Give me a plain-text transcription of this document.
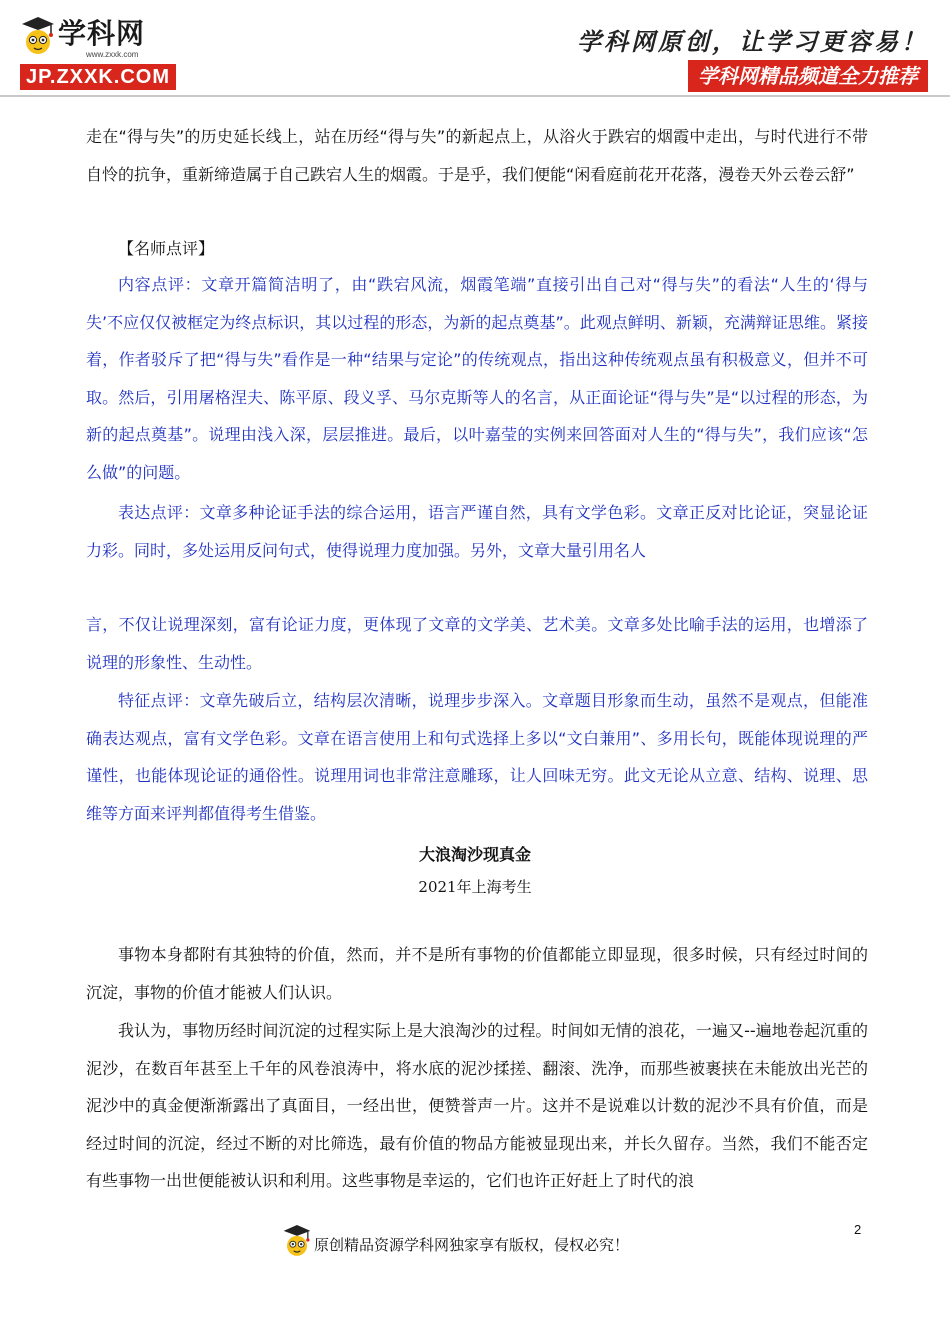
学科网
www.zxxk.com
JP.ZXXK.COM
学科网原创，让学习更容易！
学科网精品频道全力推荐

走在“得与失”的历史延长线上，站在历经“得与失”的新起点上，从浴火于跌宕的烟霞中走出，与时代进行不带自怜的抗争，重新缔造属于自己跌宕人生的烟霞。于是乎，我们便能“闲看庭前花开花落，漫卷天外云卷云舒”

【名师点评】

内容点评：文章开篇简洁明了，由“跌宕风流，烟霞笔端”直接引出自己对“得与失”的看法“人生的‘得与失’不应仅仅被框定为终点标识，其以过程的形态，为新的起点奠基”。此观点鲜明、新颖，充满辩证思维。紧接着，作者驳斥了把“得与失”看作是一种“结果与定论”的传统观点，指出这种传统观点虽有积极意义，但并不可取。然后，引用屠格涅夫、陈平原、段义孚、马尔克斯等人的名言，从正面论证“得与失”是“以过程的形态，为新的起点奠基”。说理由浅入深，层层推进。最后，以叶嘉莹的实例来回答面对人生的“得与失”，我们应该“怎么做”的问题。

表达点评：文章多种论证手法的综合运用，语言严谨自然，具有文学色彩。文章正反对比论证，突显论证力彩。同时，多处运用反问句式，使得说理力度加强。另外，文章大量引用名人

言，不仅让说理深刻，富有论证力度，更体现了文章的文学美、艺术美。文章多处比喻手法的运用，也增添了说理的形象性、生动性。

特征点评：文章先破后立，结构层次清晰，说理步步深入。文章题目形象而生动，虽然不是观点，但能准确表达观点，富有文学色彩。文章在语言使用上和句式选择上多以“文白兼用”、多用长句，既能体现说理的严谨性，也能体现论证的通俗性。说理用词也非常注意雕琢，让人回味无穷。此文无论从立意、结构、说理、思维等方面来评判都值得考生借鉴。

大浪淘沙现真金

2021年上海考生

事物本身都附有其独特的价值，然而，并不是所有事物的价值都能立即显现，很多时候，只有经过时间的沉淀，事物的价值才能被人们认识。

我认为，事物历经时间沉淀的过程实际上是大浪淘沙的过程。时间如无情的浪花，一遍又--遍地卷起沉重的泥沙，在数百年甚至上千年的风卷浪涛中，将水底的泥沙揉搓、翻滚、洗净，而那些被裹挟在未能放出光芒的泥沙中的真金便渐渐露出了真面目，一经出世，便赞誉声一片。这并不是说难以计数的泥沙不具有价值，而是经过时间的沉淀，经过不断的对比筛选，最有价值的物品方能被显现出来，并长久留存。当然，我们不能否定有些事物一出世便能被认识和利用。这些事物是幸运的，它们也许正好赶上了时代的浪

2
原创精品资源学科网独家享有版权，侵权必究！
